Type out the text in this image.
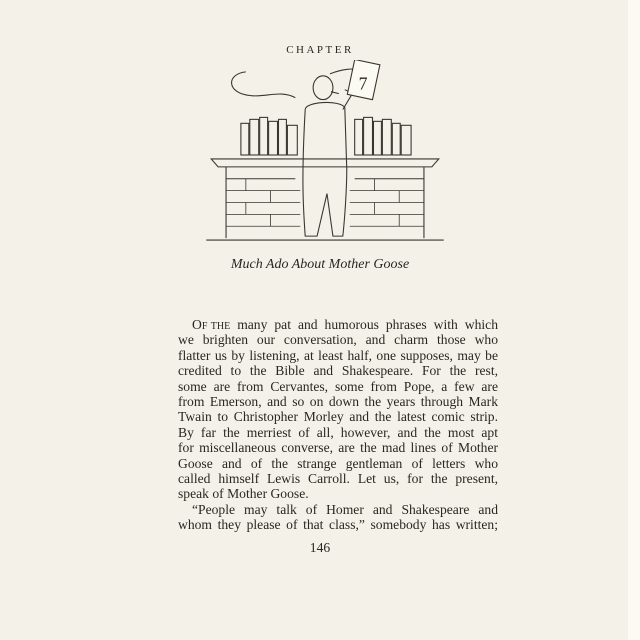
CHAPTER
7
Much Ado About Mother Goose
Of the many pat and humorous phrases with which
we brighten our conversation, and charm those who
flatter us by listening, at least half, one supposes, may be
credited to the Bible and Shakespeare. For the rest,
some are from Cervantes, some from Pope, a few are
from Emerson, and so on down the years through Mark
Twain to Christopher Morley and the latest comic strip.
By far the merriest of all, however, and the most apt
for miscellaneous converse, are the mad lines of Mother
Goose and of the strange gentleman of letters who
called himself Lewis Carroll. Let us, for the present,
speak of Mother Goose.
“People may talk of Homer and Shakespeare and
whom they please of that class,” somebody has written;
146
